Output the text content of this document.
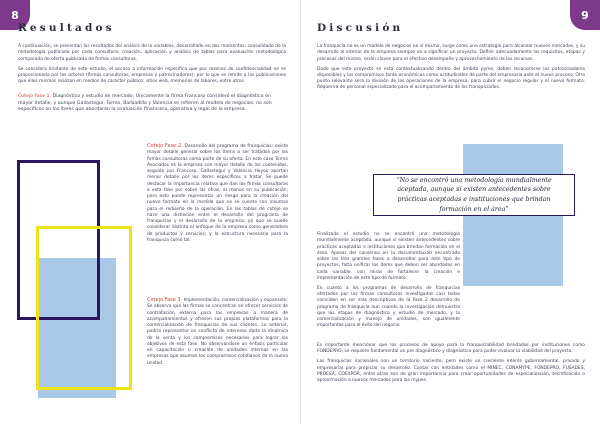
8
Resultados

A continuación, se presentan los resultados del análisis de la variables, desarrollado en dos momentos: consolidado de la metodología publicada por cada consultora; creación, aplicación y análisis de tablas para evaluación metodológica comparada de oferta publicada de firmas consultoras.

Se considera limitante de este estudio, el acceso a información específica que por razones de confidencialidad no es proporcionada por los actores (firmas consultoras, empresas y patrocinadores); por lo que se remite a las publicaciones que ellos mismos realizan en medios de carácter público: sitios web, memorias de labores, entre otros.

Cotejo Fase 1. Diagnóstico y estudio de mercado: Únicamente la firma Francorp consideró el diagnóstico en mayor detalle, y aunque Gallastegui, Torres, Barbadillo y Valencia se refieren al modelo de negocios, no son específicos en los ítems que abordarán la evaluación financiera, operativa y legal de la empresa.
Cotejo Fase 2. Desarrollo del programa de franquicias: existe mayor detalle general sobre los ítems a ser tratados por las firmas consultoras como parte de su oferta. En este caso Torres Asociados es la empresa con mayor detalle de los contenidos, seguido por Francorp. Gallastegui y Valencia Hoyos aportan menor detalle por los ítems específicos a tratar. Se puede destacar la importancia relativa que dan las firmas consultoras a esta fase por sobre las otras, al menos en su publicación; pero esto puede representar un riesgo para la creación del nuevo formato en la medida que no se cuente con insumos para el rediseño de la operación. En las tablas de cotejo se hace una distinción entre el desarrollo del programa de franquicias y el desarrollo de la empresa; ya que se puede considerar distinto el enfoque de la empresa como generadora de productos y servicios; y la estructura necesaria para la franquicia como tal.
Cotejo Fase 3. Implementación, comercialización y expansión: Se observa que las firmas se concentran en ofrecer servicios de contratación externa para las empresas a manera de acompañamientos y ofrecen sus propias plataformas para la comercialización de franquicias de sus clientes. Lo anterior, podría representar un conflicto de intereses dada la dinámica de la venta y los compromisos necesarios para lograr los objetivos de esta fase. No observándose un énfasis particular en capacitación o creación de unidades internas en las empresas que asuman los compromisos cotidianos de la nueva unidad.
9
Discusión

La franquicia no es un modelo de negocios en sí mismo, surge como una estrategia para alcanzar nuevos mercados, y su desarrollo al interior de la empresa siempre va a significar un proyecto. Definir adecuadamente los requisitos, etapas y procesos del mismo, serán claves para el efectivo desempeño y aprovechamiento de los recursos.

Dado que este proyecto se está contextualizando dentro del ámbito pyme, deben reconocerse los patrocinadores disponibles y los compromisos tanto económicos como actitudinales de parte del empresario ante el nuevo proceso. Otro punto relevante será la división de las operaciones de la empresa, para cubrir el negocio regular y el nuevo formato. Requerirá de personal especializado para el acompañamiento de los franquiciados.

“No se encontró una metodología mundialmente aceptada, aunque sí existen antecedentes sobre prácticas aceptadas e instituciones que brindan formación en el área”

Finalizado el estudio no se encontró una metodología mundialmente aceptada, aunque sí existen antecedentes sobre prácticas aceptadas e instituciones que brindan formación en el área. Apesar del consenso en la documentación encontrada sobre las tres grandes fases a desarrollar para este tipo de proyectos, falta unificar los ítems que deben ser abordados en cada variable, con miras de fortalecer la creación e implementación de este tipo de formato.

En cuanto a los programas de desarrollo de franquicias ofertados por las firmas consultoras investigadas casi todas coinciden en ser más descriptivas de la Fase 2 desarrollo de programa de franquicia aun cuando la investigación demuestra que las etapas de diagnóstico y estudio de mercado, y la comercialización y manejo de unidades, son igualmente importantes para el éxito del negocio.

Es importante mencionar que los procesos de apoyo para la franquiciabilidad brindados por instituciones como FONDEPRO, se requiere fundamental un pre diagnóstico y diagnóstico para poder evaluar la viabilidad del proyecto.

Las franquicias nacionales son un territorio naciente, pero existe un creciente interés gubernamental, privado y empresarial para propiciar su desarrollo. Contar con entidades como el MINEC, CONAMYPE, FONDEPRO, FUSADES, PROESA, COEXPOR, entre otras son de gran importancia para crear oportunidades de especialización, tecnificación o aproximación a nuevos mercados para las mypes.
